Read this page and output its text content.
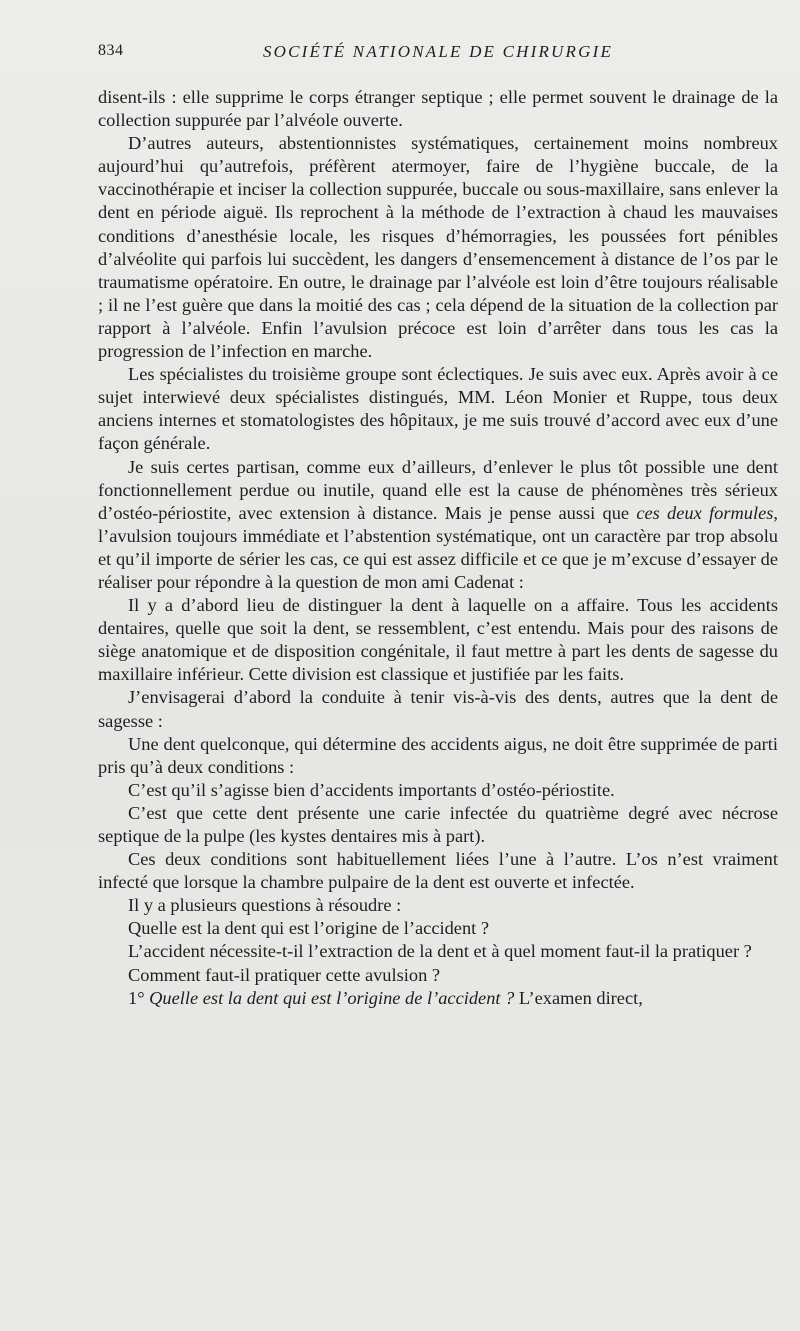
834	SOCIÉTÉ NATIONALE DE CHIRURGIE

disent-ils : elle supprime le corps étranger septique ; elle permet souvent le drainage de la collection suppurée par l’alvéole ouverte.

D’autres auteurs, abstentionnistes systématiques, certainement moins nombreux aujourd’hui qu’autrefois, préfèrent atermoyer, faire de l’hygiène buccale, de la vaccinothérapie et inciser la collection suppurée, buccale ou sous-maxillaire, sans enlever la dent en période aiguë. Ils reprochent à la méthode de l’extraction à chaud les mauvaises conditions d’anesthésie locale, les risques d’hémorragies, les poussées fort pénibles d’alvéolite qui parfois lui succèdent, les dangers d’ensemencement à distance de l’os par le traumatisme opératoire. En outre, le drainage par l’alvéole est loin d’être toujours réalisable ; il ne l’est guère que dans la moitié des cas ; cela dépend de la situation de la collection par rapport à l’alvéole. Enfin l’avulsion précoce est loin d’arrêter dans tous les cas la progression de l’infection en marche.

Les spécialistes du troisième groupe sont éclectiques. Je suis avec eux. Après avoir à ce sujet interwievé deux spécialistes distingués, MM. Léon Monier et Ruppe, tous deux anciens internes et stomatologistes des hôpitaux, je me suis trouvé d’accord avec eux d’une façon générale.

Je suis certes partisan, comme eux d’ailleurs, d’enlever le plus tôt possible une dent fonctionnellement perdue ou inutile, quand elle est la cause de phénomènes très sérieux d’ostéo-périostite, avec extension à distance. Mais je pense aussi que ces deux formules, l’avulsion toujours immédiate et l’abstention systématique, ont un caractère par trop absolu et qu’il importe de sérier les cas, ce qui est assez difficile et ce que je m’excuse d’essayer de réaliser pour répondre à la question de mon ami Cadenat :

Il y a d’abord lieu de distinguer la dent à laquelle on a affaire. Tous les accidents dentaires, quelle que soit la dent, se ressemblent, c’est entendu. Mais pour des raisons de siège anatomique et de disposition congénitale, il faut mettre à part les dents de sagesse du maxillaire inférieur. Cette division est classique et justifiée par les faits.

J’envisagerai d’abord la conduite à tenir vis-à-vis des dents, autres que la dent de sagesse :

Une dent quelconque, qui détermine des accidents aigus, ne doit être supprimée de parti pris qu’à deux conditions :

C’est qu’il s’agisse bien d’accidents importants d’ostéo-périostite.

C’est que cette dent présente une carie infectée du quatrième degré avec nécrose septique de la pulpe (les kystes dentaires mis à part).

Ces deux conditions sont habituellement liées l’une à l’autre. L’os n’est vraiment infecté que lorsque la chambre pulpaire de la dent est ouverte et infectée.

Il y a plusieurs questions à résoudre :

Quelle est la dent qui est l’origine de l’accident ?

L’accident nécessite-t-il l’extraction de la dent et à quel moment faut-il la pratiquer ?

Comment faut-il pratiquer cette avulsion ?

1° Quelle est la dent qui est l’origine de l’accident ? L’examen direct,
